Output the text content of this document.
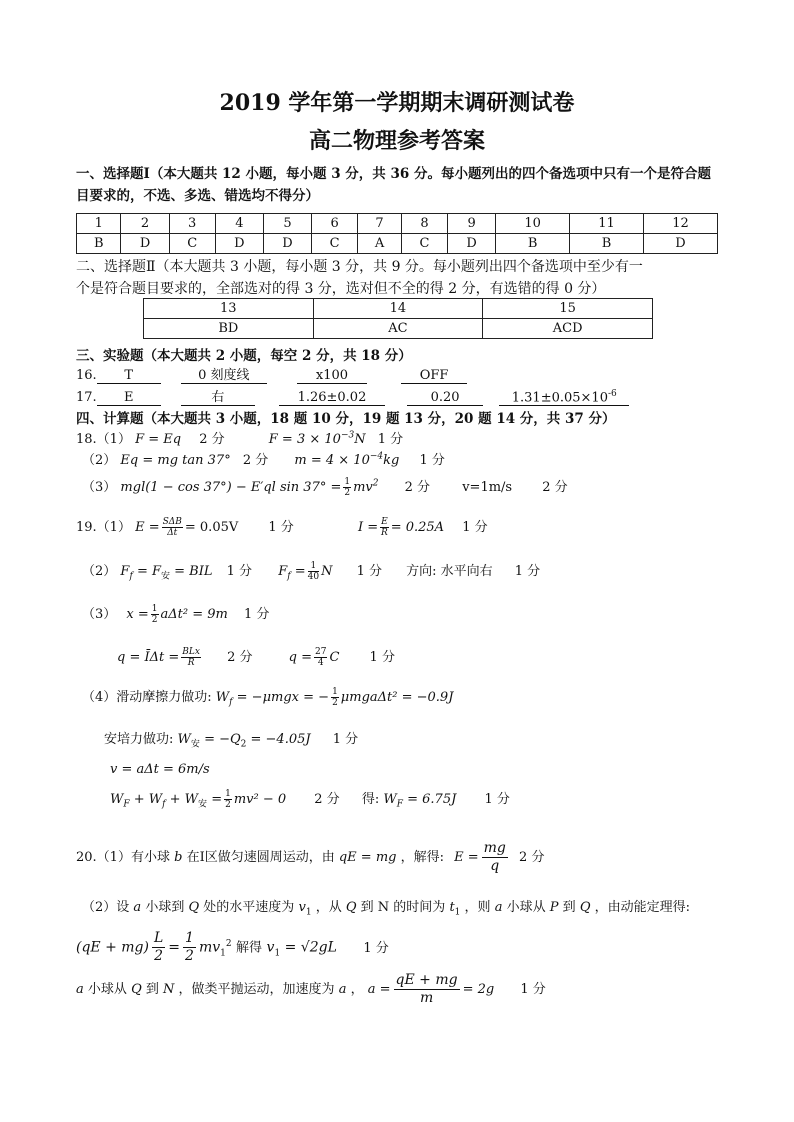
2019 学年第一学期期末调研测试卷
高二物理参考答案
一、选择题Ⅰ（本大题共 12 小题，每小题 3 分，共 36 分。每小题列出的四个备选项中只有一个是符合题
目要求的，不选、多选、错选均不得分）
1	2	3	4	5	6	7	8	9	10	11	12
B	D	C	D	D	C	A	C	D	B	B	D
二、选择题Ⅱ（本大题共 3 小题，每小题 3 分，共 9 分。每小题列出四个备选项中至少有一
个是符合题目要求的，全部选对的得 3 分，选对但不全的得 2 分，有选错的得 0 分）
13	14	15
BD	AC	ACD
三、实验题（本大题共 2 小题，每空 2 分，共 18 分）
16. T	0 刻度线	x100	OFF
17. E	右	1.26±0.02	0.20	$1.31\pm 0.05\times 10^{-6}$
四、计算题（本大题共 3 小题，18 题 10 分，19 题 13 分，20 题 14 分，共 37 分）
18.（1） F = Eq 2 分	$F = 3 \times 10^{-3}N$ 1 分
（2） Eq = mg tan 37° 2 分 $m = 4 \times 10^{-4}kg$ 1 分
（3） mgl(1 − cos 37°) − E′ql $\sin 37^\circ = \frac{1}{2} mv^2$ 2 分 v=1m/s 2 分
19.（1） $E = \frac{\text{SΔB}}{\Delta t} = 0.05V$ 1 分	$I = \frac{E}{R} = 0.25A$ 1 分
（2） $F_f = F_安$ = BIL 1 分 $F_f = \frac{1}{40}$ N 1 分 方向: 水平向右 1 分
（3） $x = \frac{1}{2} a\Delta t^2 = 9m$ 1 分
q = ĪΔt = $\frac{\text{BLx}}{R} 2$ 分	$q = \frac{27}{4}$ C 1 分
（4）滑动摩擦力做功: $W_f = -\mu mgx$ = − $\frac{1}{2} \mu mga\Delta t^2 = -0.9J$
安培力做功: $W_安 = -Q_2 = -4.05J$ 1 分
v = aΔt = 6m/s
$W_F + W_f + W_安 = \frac{1}{2} mv^2 - 0$ 2 分 得: $W_F = 6.75J$ 1 分
20.（1）有小球 b 在Ⅰ区做匀速圆周运动，由 qE = mg ，解得: $E = \frac{mg}{q} 2$ 分
（2）设 a 小球到 Q 处的水平速度为 $v_1$ ，从 Q 到 N 的时间为 $t_1$ ，则 a 小球从 P 到 Q ，由动能定理得:
$(qE + mg) \frac{L}{2} = \frac{1}{2} mv_1^2$ 解得 $v_1 = √2gL$ 1 分
a 小球从 Q 到 N ，做类平抛运动，加速度为 a ， $a = \frac{qE + mg}{m} = 2g$ 1 分
